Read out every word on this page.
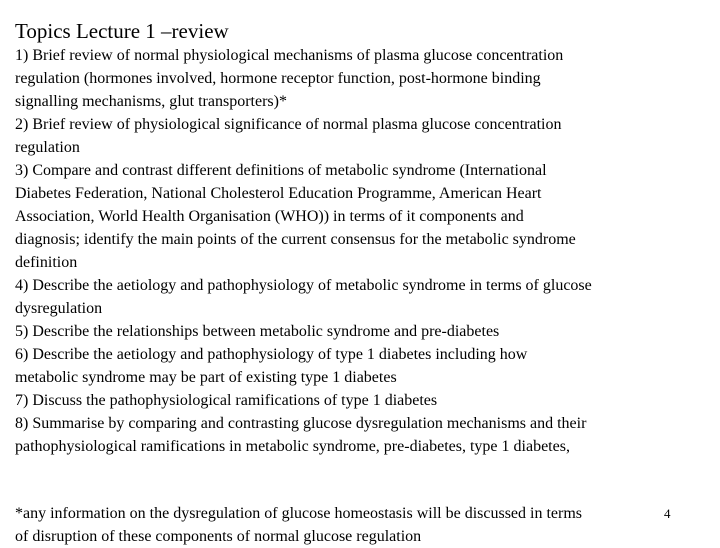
Topics Lecture 1 –review
1) Brief review of normal physiological mechanisms of plasma glucose concentration
regulation (hormones involved, hormone receptor function, post-hormone binding
signalling mechanisms, glut transporters)*
2) Brief review of physiological significance of normal plasma glucose concentration
regulation
3) Compare and contrast different definitions of metabolic syndrome (International
Diabetes Federation, National Cholesterol Education Programme, American Heart
Association, World Health Organisation (WHO)) in terms of it components and
diagnosis; identify the main points of the current consensus for the metabolic syndrome
definition
4) Describe the aetiology and pathophysiology of metabolic syndrome in terms of glucose
dysregulation
5) Describe the relationships between metabolic syndrome and pre-diabetes
6) Describe the aetiology and pathophysiology of type 1 diabetes including how
metabolic syndrome may be part of existing type 1 diabetes
7) Discuss the pathophysiological ramifications of type 1 diabetes
8) Summarise by comparing and contrasting glucose dysregulation mechanisms and their
pathophysiological ramifications in metabolic syndrome, pre-diabetes, type 1 diabetes,
*any information on the dysregulation of glucose homeostasis will be discussed in terms
of disruption of these components of normal glucose regulation
4
